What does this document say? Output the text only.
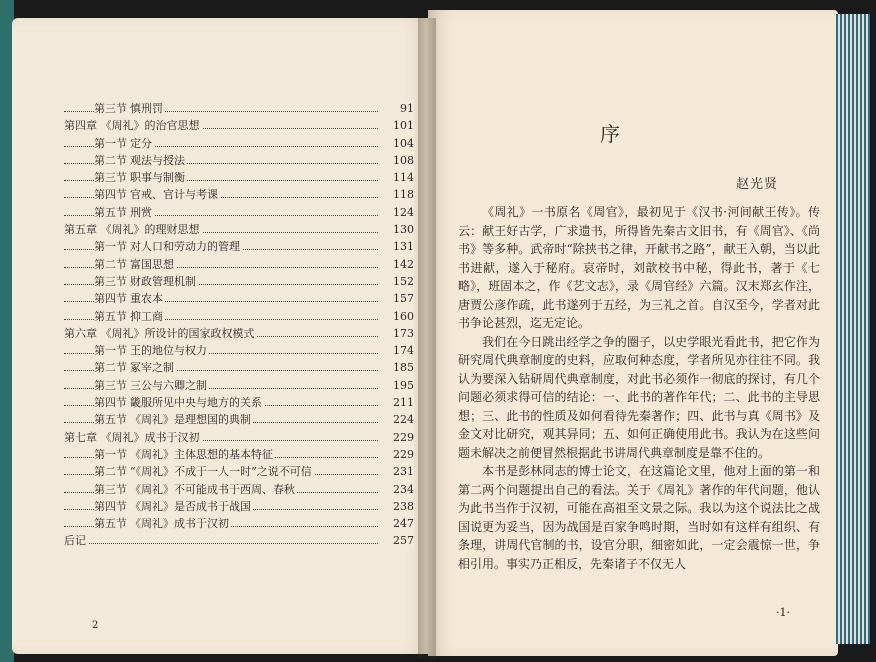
第三节 慎刑罚	91
第四章 《周礼》的治官思想	101
第一节 定分	104
第二节 观法与授法	108
第三节 职事与制衡	114
第四节 官戒、官计与考课	118
第五节 刑赏	124
第五章 《周礼》的理财思想	130
第一节 对人口和劳动力的管理	131
第二节 富国思想	142
第三节 财政管理机制	152
第四节 重农本	157
第五节 抑工商	160
第六章 《周礼》所设计的国家政权模式	173
第一节 王的地位与权力	174
第二节 冢宰之制	185
第三节 三公与六卿之制	195
第四节 畿服所见中央与地方的关系	211
第五节 《周礼》是理想国的典制	224
第七章 《周礼》成书于汉初	229
第一节 《周礼》主体思想的基本特征	229
第二节 “《周礼》不成于一人一时”之说不可信	231
第三节 《周礼》不可能成书于西周、春秋	234
第四节 《周礼》是否成书于战国	238
第五节 《周礼》成书于汉初	247
后记	257
2
序
赵光贤

《周礼》一书原名《周官》，最初见于《汉书·河间献王传》。传云：献王好古学，广求遗书，所得皆先秦古文旧书，有《周官》、《尚书》等多种。武帝时“除挟书之律，开献书之路”，献王入朝，当以此书进献，遂入于秘府。哀帝时，刘歆校书中秘，得此书，著于《七略》，班固本之，作《艺文志》，录《周官经》六篇。汉末郑玄作注，唐贾公彦作疏，此书遂列于五经，为三礼之首。自汉至今，学者对此书争论甚烈，迄无定论。

我们在今日跳出经学之争的圈子，以史学眼光看此书，把它作为研究周代典章制度的史料，应取何种态度，学者所见亦往往不同。我认为要深入钻研周代典章制度，对此书必须作一彻底的探讨，有几个问题必须求得可信的结论：一、此书的著作年代；二、此书的主导思想；三、此书的性质及如何看待先秦著作；四、此书与真《周书》及金文对比研究，观其异同；五、如何正确使用此书。我认为在这些问题未解决之前便冒然根据此书讲周代典章制度是靠不住的。

本书是彭林同志的博士论文，在这篇论文里，他对上面的第一和第二两个问题提出自己的看法。关于《周礼》著作的年代问题，他认为此书当作于汉初，可能在高祖至文景之际。我以为这个说法比之战国说更为妥当，因为战国是百家争鸣时期，当时如有这样有组织、有条理，讲周代官制的书，设官分职，细密如此，一定会震惊一世，争相引用。事实乃正相反，先秦诸子不仅无人

·1·
